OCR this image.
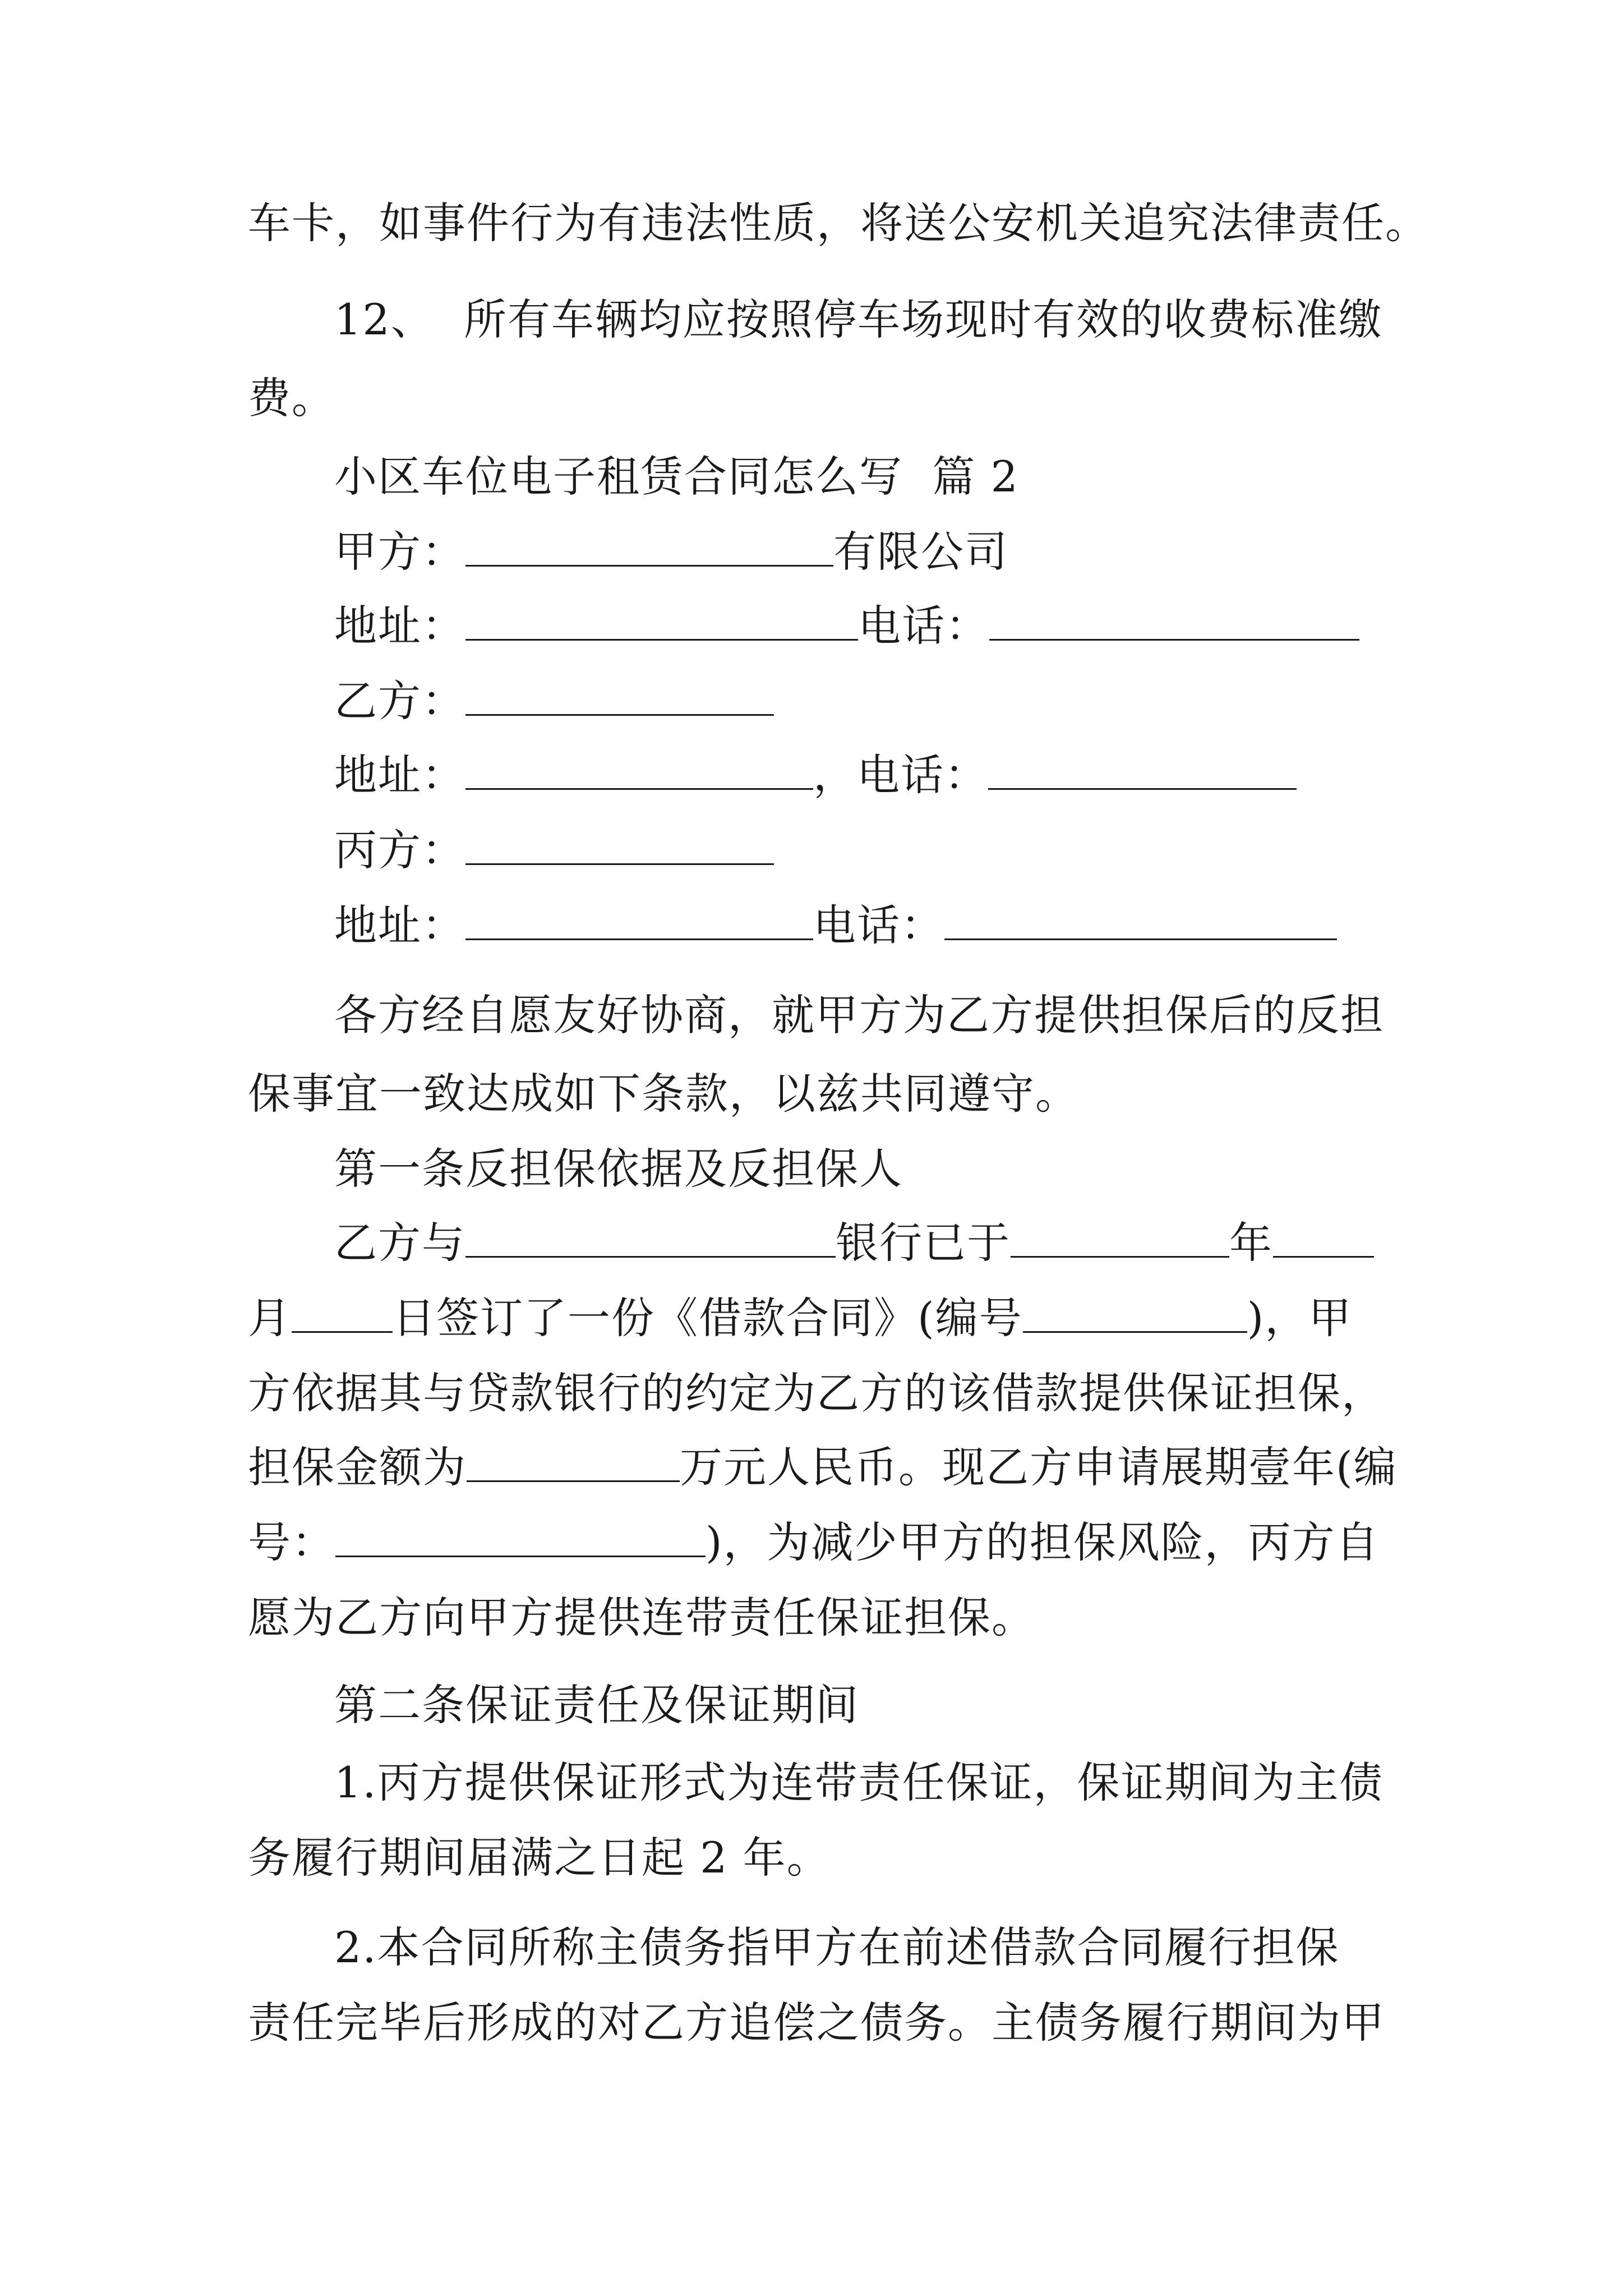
车卡，如事件行为有违法性质，将送公安机关追究法律责任。
12、  所有车辆均应按照停车场现时有效的收费标准缴
费。
小区车位电子租赁合同怎么写  篇 2
甲方：	有限公司
地址：	电话：
乙方：
地址：	，电话：
丙方：
地址：	电话：
各方经自愿友好协商，就甲方为乙方提供担保后的反担
保事宜一致达成如下条款，以兹共同遵守。
第一条反担保依据及反担保人
乙方与	银行已于	年
月 日签订了一份《借款合同》(编号	)，甲
方依据其与贷款银行的约定为乙方的该借款提供保证担保，
担保金额为	万元人民币。现乙方申请展期壹年(编
号：	)，为减少甲方的担保风险，丙方自
愿为乙方向甲方提供连带责任保证担保。
第二条保证责任及保证期间
1.丙方提供保证形式为连带责任保证，保证期间为主债
务履行期间届满之日起 2 年。
2.本合同所称主债务指甲方在前述借款合同履行担保
责任完毕后形成的对乙方追偿之债务。主债务履行期间为甲
